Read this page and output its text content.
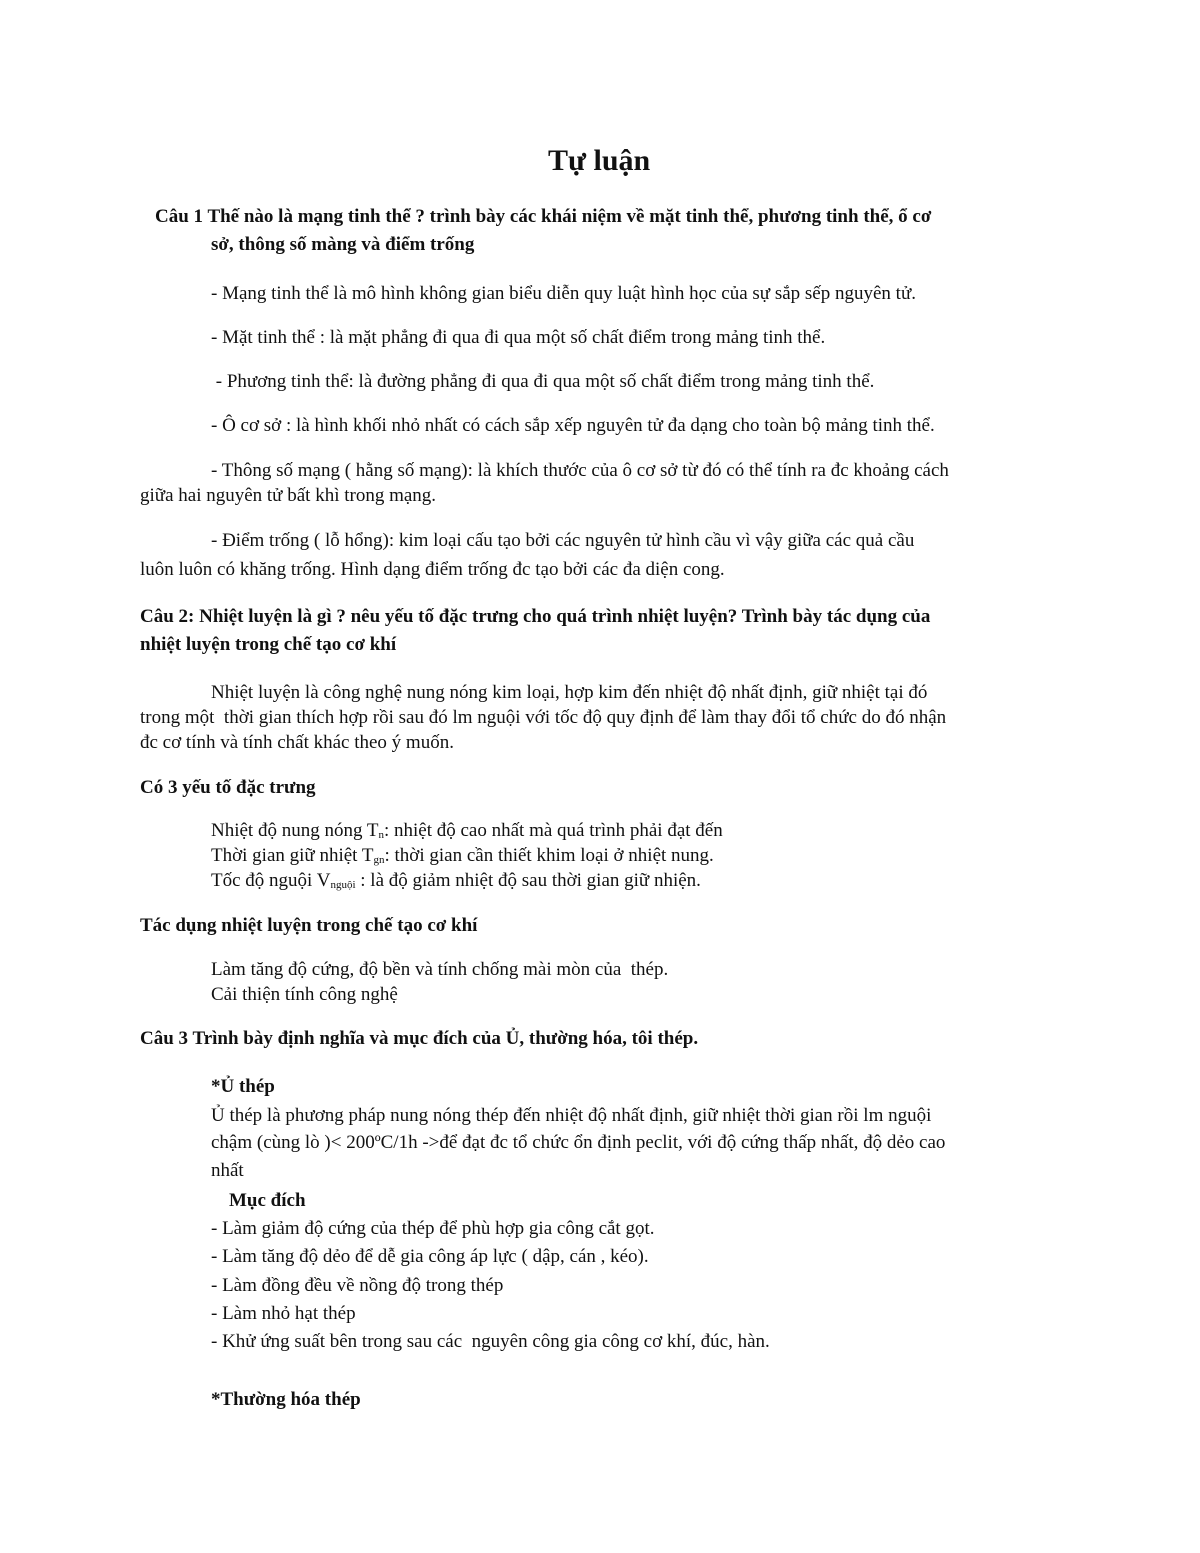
Tự luận
Câu 1 Thế nào là mạng tinh thể ? trình bày các khái niệm về mặt tinh thể, phương tinh thể, ổ cơ
sở, thông số màng và điểm trống
- Mạng tinh thể là mô hình không gian biểu diễn quy luật hình học của sự sắp sếp nguyên tử.
- Mặt tinh thể : là mặt phẳng đi qua đi qua một số chất điểm trong mảng tinh thể.
- Phương tinh thể: là đường phẳng đi qua đi qua một số chất điểm trong mảng tinh thể.
- Ô cơ sở : là hình khối nhỏ nhất có cách sắp xếp nguyên tử đa dạng cho toàn bộ mảng tinh thể.
- Thông số mạng ( hằng số mạng): là khích thước của ô cơ sở từ đó có thể tính ra đc khoảng cách
giữa hai nguyên tử bất khì trong mạng.
- Điểm trống ( lỗ hổng): kim loại cấu tạo bởi các nguyên tử hình cầu vì vậy giữa các quả cầu
luôn luôn có khăng trống. Hình dạng điểm trống đc tạo bởi các đa diện cong.
Câu 2: Nhiệt luyện là gì ? nêu yếu tố đặc trưng cho quá trình nhiệt luyện? Trình bày tác dụng của
nhiệt luyện trong chế tạo cơ khí
Nhiệt luyện là công nghệ nung nóng kim loại, hợp kim đến nhiệt độ nhất định, giữ nhiệt tại đó
trong một  thời gian thích hợp rồi sau đó lm nguội với tốc độ quy định để làm thay đổi tổ chức do đó nhận
đc cơ tính và tính chất khác theo ý muốn.
Có 3 yếu tố đặc trưng
Nhiệt độ nung nóng $T_n$: nhiệt độ cao nhất mà quá trình phải đạt đến
Thời gian giữ nhiệt $T_{gn}$: thời gian cần thiết khim loại ở nhiệt nung.
Tốc độ nguội $V_{nguội}$ : là độ giảm nhiệt độ sau thời gian giữ nhiện.
Tác dụng nhiệt luyện trong chế tạo cơ khí
Làm tăng độ cứng, độ bền và tính chống mài mòn của  thép.
Cải thiện tính công nghệ
Câu 3 Trình bày định nghĩa và mục đích của Ủ, thường hóa, tôi thép.
*Ủ thép
Ủ thép là phương pháp nung nóng thép đến nhiệt độ nhất định, giữ nhiệt thời gian rồi lm nguội
chậm (cùng lò )< 200ºC/1h ->để đạt đc tổ chức ổn định peclit, với độ cứng thấp nhất, độ dẻo cao
nhất
Mục đích
- Làm giảm độ cứng của thép để phù hợp gia công cắt gọt.
- Làm tăng độ dẻo để dễ gia công áp lực ( dập, cán , kéo).
- Làm đồng đều về nồng độ trong thép
- Làm nhỏ hạt thép
- Khử ứng suất bên trong sau các  nguyên công gia công cơ khí, đúc, hàn.
*Thường hóa thép
